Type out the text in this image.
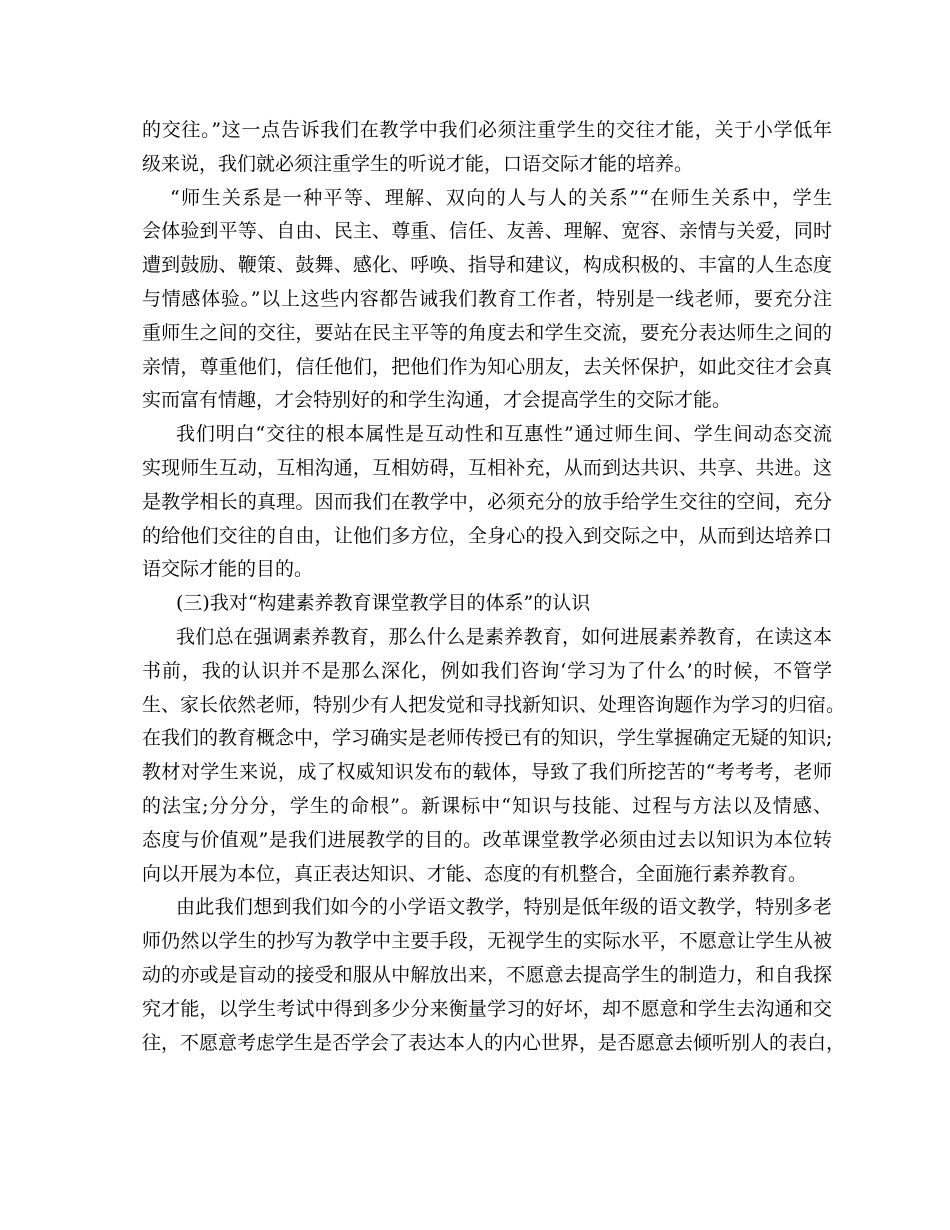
的交往。”这一点告诉我们在教学中我们必须注重学生的交往才能，关于小学低年
级来说，我们就必须注重学生的听说才能，口语交际才能的培养。
“师生关系是一种平等、理解、双向的人与人的关系”“在师生关系中，学生
会体验到平等、自由、民主、尊重、信任、友善、理解、宽容、亲情与关爱，同时
遭到鼓励、鞭策、鼓舞、感化、呼唤、指导和建议，构成积极的、丰富的人生态度
与情感体验。”以上这些内容都告诫我们教育工作者，特别是一线老师，要充分注
重师生之间的交往，要站在民主平等的角度去和学生交流，要充分表达师生之间的
亲情，尊重他们，信任他们，把他们作为知心朋友，去关怀保护，如此交往才会真
实而富有情趣，才会特别好的和学生沟通，才会提高学生的交际才能。
我们明白“交往的根本属性是互动性和互惠性”通过师生间、学生间动态交流
实现师生互动，互相沟通，互相妨碍，互相补充，从而到达共识、共享、共进。这
是教学相长的真理。因而我们在教学中，必须充分的放手给学生交往的空间，充分
的给他们交往的自由，让他们多方位，全身心的投入到交际之中，从而到达培养口
语交际才能的目的。
(三)我对“构建素养教育课堂教学目的体系”的认识
我们总在强调素养教育，那么什么是素养教育，如何进展素养教育，在读这本
书前，我的认识并不是那么深化，例如我们咨询‘学习为了什么’的时候，不管学
生、家长依然老师，特别少有人把发觉和寻找新知识、处理咨询题作为学习的归宿。
在我们的教育概念中，学习确实是老师传授已有的知识，学生掌握确定无疑的知识;
教材对学生来说，成了权威知识发布的载体，导致了我们所挖苦的“考考考，老师
的法宝;分分分，学生的命根”。新课标中“知识与技能、过程与方法以及情感、
态度与价值观”是我们进展教学的目的。改革课堂教学必须由过去以知识为本位转
向以开展为本位，真正表达知识、才能、态度的有机整合，全面施行素养教育。
由此我们想到我们如今的小学语文教学，特别是低年级的语文教学，特别多老
师仍然以学生的抄写为教学中主要手段，无视学生的实际水平，不愿意让学生从被
动的亦或是盲动的接受和服从中解放出来，不愿意去提高学生的制造力，和自我探
究才能，以学生考试中得到多少分来衡量学习的好坏，却不愿意和学生去沟通和交
往，不愿意考虑学生是否学会了表达本人的内心世界，是否愿意去倾听别人的表白，
